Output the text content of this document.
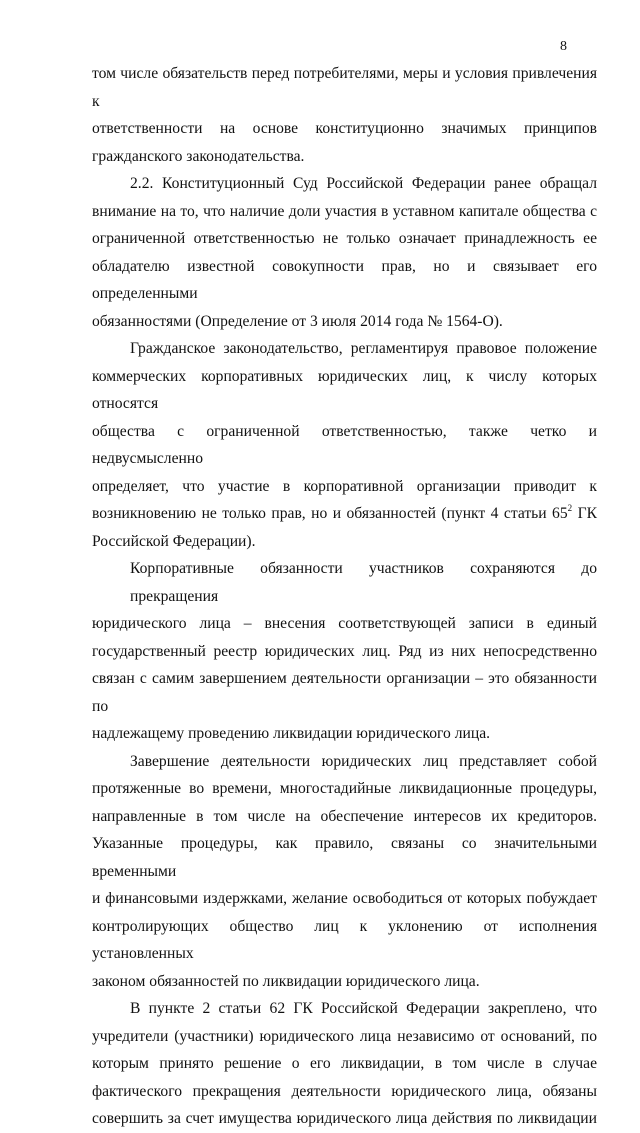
8
том числе обязательств перед потребителями, меры и условия привлечения к
ответственности на основе конституционно значимых принципов
гражданского законодательства.
2.2. Конституционный Суд Российской Федерации ранее обращал
внимание на то, что наличие доли участия в уставном капитале общества с
ограниченной ответственностью не только означает принадлежность ее
обладателю известной совокупности прав, но и связывает его определенными
обязанностями (Определение от 3 июля 2014 года № 1564-О).
Гражданское законодательство, регламентируя правовое положение
коммерческих корпоративных юридических лиц, к числу которых относятся
общества с ограниченной ответственностью, также четко и недвусмысленно
определяет, что участие в корпоративной организации приводит к
возникновению не только прав, но и обязанностей (пункт 4 статьи $65^2$ ГК
Российской Федерации).
Корпоративные обязанности участников сохраняются до прекращения
юридического лица – внесения соответствующей записи в единый
государственный реестр юридических лиц. Ряд из них непосредственно
связан с самим завершением деятельности организации – это обязанности по
надлежащему проведению ликвидации юридического лица.
Завершение деятельности юридических лиц представляет собой
протяженные во времени, многостадийные ликвидационные процедуры,
направленные в том числе на обеспечение интересов их кредиторов.
Указанные процедуры, как правило, связаны со значительными временными
и финансовыми издержками, желание освободиться от которых побуждает
контролирующих общество лиц к уклонению от исполнения установленных
законом обязанностей по ликвидации юридического лица.
В пункте 2 статьи 62 ГК Российской Федерации закреплено, что
учредители (участники) юридического лица независимо от оснований, по
которым принято решение о его ликвидации, в том числе в случае
фактического прекращения деятельности юридического лица, обязаны
совершить за счет имущества юридического лица действия по ликвидации
